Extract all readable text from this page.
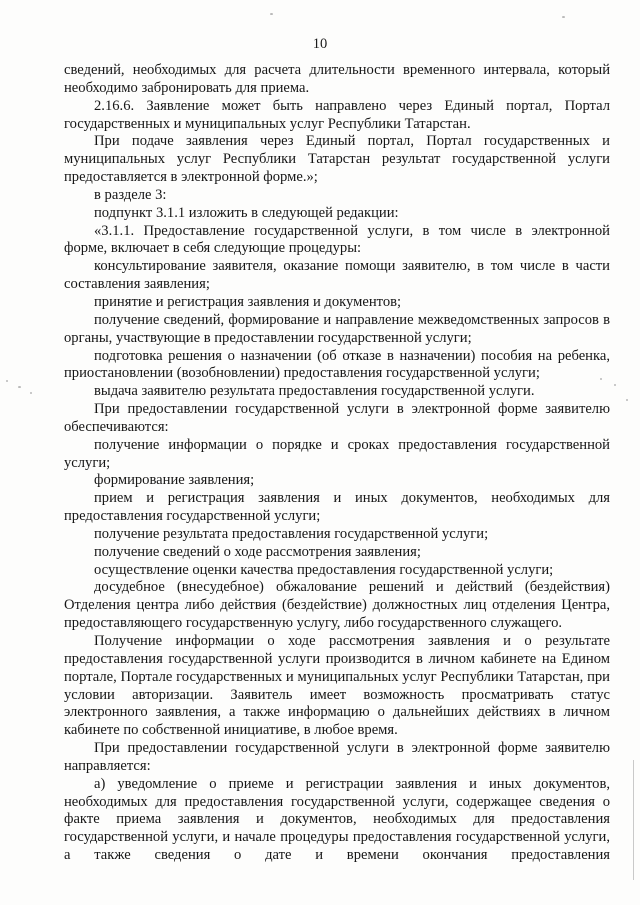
10

сведений, необходимых для расчета длительности временного интервала, который необходимо забронировать для приема.

2.16.6. Заявление может быть направлено через Единый портал, Портал государственных и муниципальных услуг Республики Татарстан.

При подаче заявления через Единый портал, Портал государственных и муниципальных услуг Республики Татарстан результат государственной услуги предоставляется в электронной форме.»;

в разделе 3:

подпункт 3.1.1 изложить в следующей редакции:

«3.1.1. Предоставление государственной услуги, в том числе в электронной форме, включает в себя следующие процедуры:

консультирование заявителя, оказание помощи заявителю, в том числе в части составления заявления;

принятие и регистрация заявления и документов;

получение сведений, формирование и направление межведомственных запросов в органы, участвующие в предоставлении государственной услуги;

подготовка решения о назначении (об отказе в назначении) пособия на ребенка, приостановлении (возобновлении) предоставления государственной услуги;

выдача заявителю результата предоставления государственной услуги.

При предоставлении государственной услуги в электронной форме заявителю обеспечиваются:

получение информации о порядке и сроках предоставления государственной услуги;

формирование заявления;

прием и регистрация заявления и иных документов, необходимых для предоставления государственной услуги;

получение результата предоставления государственной услуги;

получение сведений о ходе рассмотрения заявления;

осуществление оценки качества предоставления государственной услуги;

досудебное (внесудебное) обжалование решений и действий (бездействия) Отделения центра либо действия (бездействие) должностных лиц отделения Центра, предоставляющего государственную услугу, либо государственного служащего.

Получение информации о ходе рассмотрения заявления и о результате предоставления государственной услуги производится в личном кабинете на Едином портале, Портале государственных и муниципальных услуг Республики Татарстан, при условии авторизации. Заявитель имеет возможность просматривать статус электронного заявления, а также информацию о дальнейших действиях в личном кабинете по собственной инициативе, в любое время.

При предоставлении государственной услуги в электронной форме заявителю направляется:

а) уведомление о приеме и регистрации заявления и иных документов, необходимых для предоставления государственной услуги, содержащее сведения о факте приема заявления и документов, необходимых для предоставления государственной услуги, и начале процедуры предоставления государственной услуги, а также сведения о дате и времени окончания предоставления
